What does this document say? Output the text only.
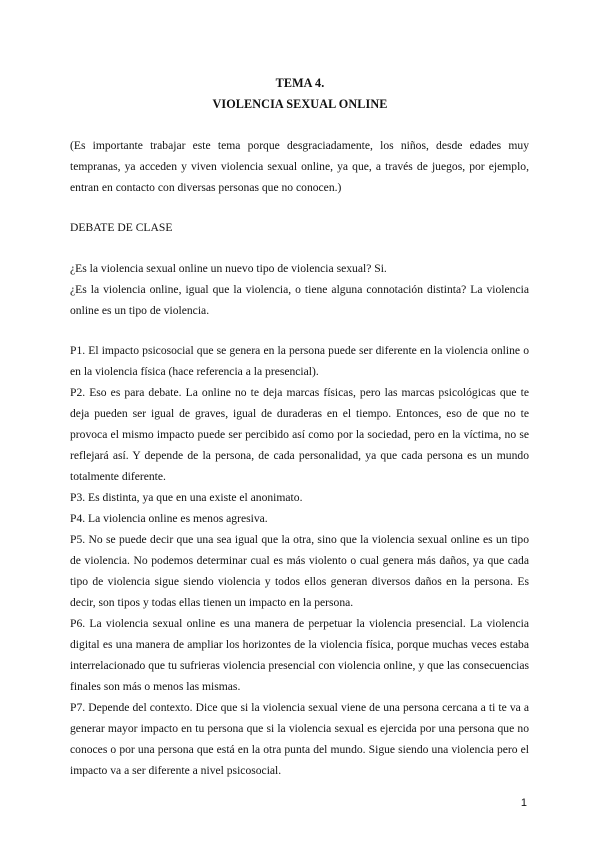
TEMA 4.
VIOLENCIA SEXUAL ONLINE

(Es importante trabajar este tema porque desgraciadamente, los niños, desde edades muy tempranas, ya acceden y viven violencia sexual online, ya que, a través de juegos, por ejemplo, entran en contacto con diversas personas que no conocen.)

DEBATE DE CLASE

¿Es la violencia sexual online un nuevo tipo de violencia sexual? Si.

¿Es la violencia online, igual que la violencia, o tiene alguna connotación distinta? La violencia online es un tipo de violencia.

P1. El impacto psicosocial que se genera en la persona puede ser diferente en la violencia online o en la violencia física (hace referencia a la presencial).

P2. Eso es para debate. La online no te deja marcas físicas, pero las marcas psicológicas que te deja pueden ser igual de graves, igual de duraderas en el tiempo. Entonces, eso de que no te provoca el mismo impacto puede ser percibido así como por la sociedad, pero en la víctima, no se reflejará así. Y depende de la persona, de cada personalidad, ya que cada persona es un mundo totalmente diferente.

P3. Es distinta, ya que en una existe el anonimato.

P4. La violencia online es menos agresiva.

P5. No se puede decir que una sea igual que la otra, sino que la violencia sexual online es un tipo de violencia. No podemos determinar cual es más violento o cual genera más daños, ya que cada tipo de violencia sigue siendo violencia y todos ellos generan diversos daños en la persona. Es decir, son tipos y todas ellas tienen un impacto en la persona.

P6. La violencia sexual online es una manera de perpetuar la violencia presencial. La violencia digital es una manera de ampliar los horizontes de la violencia física, porque muchas veces estaba interrelacionado que tu sufrieras violencia presencial con violencia online, y que las consecuencias finales son más o menos las mismas.

P7. Depende del contexto. Dice que si la violencia sexual viene de una persona cercana a ti te va a generar mayor impacto en tu persona que si la violencia sexual es ejercida por una persona que no conoces o por una persona que está en la otra punta del mundo. Sigue siendo una violencia pero el impacto va a ser diferente a nivel psicosocial.

1
